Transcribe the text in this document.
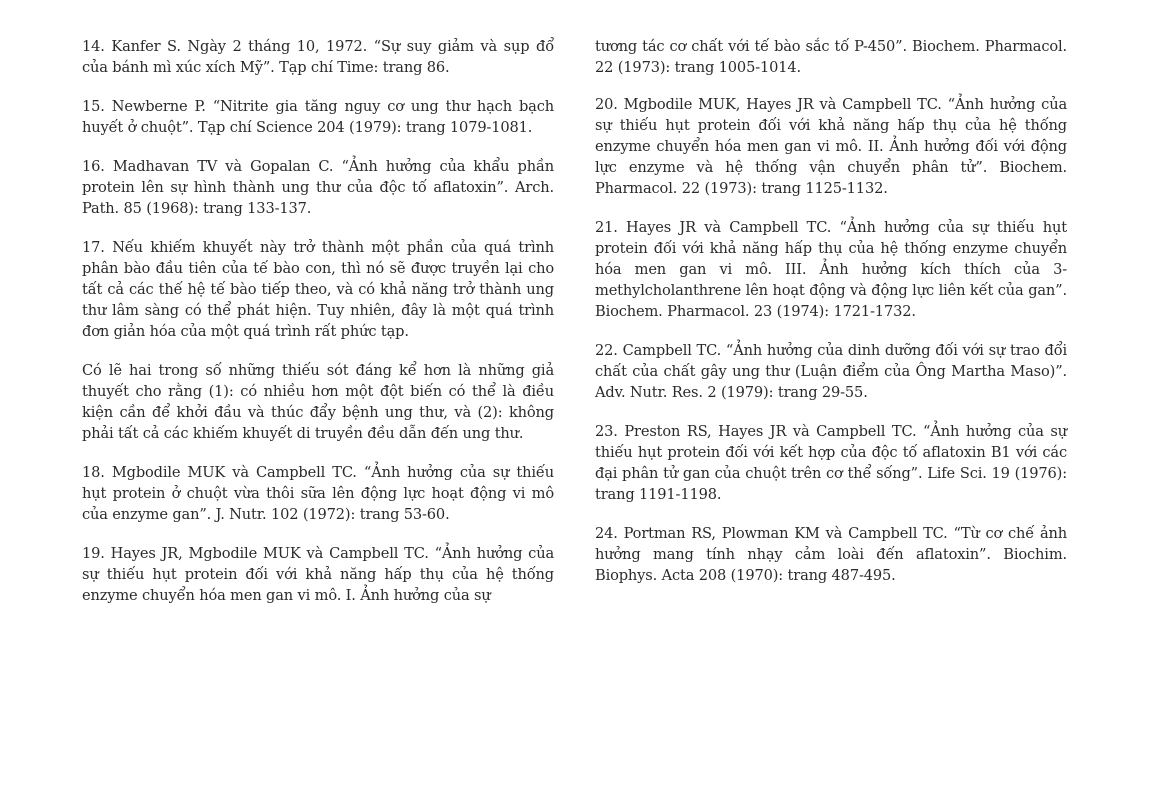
14. Kanfer S. Ngày 2 tháng 10, 1972. “Sự suy giảm và sụp đổ của bánh mì xúc xích Mỹ”. Tạp chí Time: trang 86.

15. Newberne P. “Nitrite gia tăng nguy cơ ung thư hạch bạch huyết ở chuột”. Tạp chí Science 204 (1979): trang 1079-1081.

16. Madhavan TV và Gopalan C. “Ảnh hưởng của khẩu phần protein lên sự hình thành ung thư của độc tố aflatoxin”. Arch. Path. 85 (1968): trang 133-137.

17. Nếu khiếm khuyết này trở thành một phần của quá trình phân bào đầu tiên của tế bào con, thì nó sẽ được truyền lại cho tất cả các thế hệ tế bào tiếp theo, và có khả năng trở thành ung thư lâm sàng có thể phát hiện. Tuy nhiên, đây là một quá trình đơn giản hóa của một quá trình rất phức tạp.

Có lẽ hai trong số những thiếu sót đáng kể hơn là những giả thuyết cho rằng (1): có nhiều hơn một đột biến có thể là điều kiện cần để khởi đầu và thúc đẩy bệnh ung thư, và (2): không phải tất cả các khiếm khuyết di truyền đều dẫn đến ung thư.

18. Mgbodile MUK và Campbell TC. “Ảnh hưởng của sự thiếu hụt protein ở chuột vừa thôi sữa lên động lực hoạt động vi mô của enzyme gan”. J. Nutr. 102 (1972): trang 53-60.

19. Hayes JR, Mgbodile MUK và Campbell TC. “Ảnh hưởng của sự thiếu hụt protein đối với khả năng hấp thụ của hệ thống enzyme chuyển hóa men gan vi mô. I. Ảnh hưởng của sự

tương tác cơ chất với tế bào sắc tố P-450”. Biochem. Pharmacol. 22 (1973): trang 1005-1014.

20. Mgbodile MUK, Hayes JR và Campbell TC. “Ảnh hưởng của sự thiếu hụt protein đối với khả năng hấp thụ của hệ thống enzyme chuyển hóa men gan vi mô. II. Ảnh hưởng đối với động lực enzyme và hệ thống vận chuyển phân tử”. Biochem. Pharmacol. 22 (1973): trang 1125-1132.

21. Hayes JR và Campbell TC. “Ảnh hưởng của sự thiếu hụt protein đối với khả năng hấp thụ của hệ thống enzyme chuyển hóa men gan vi mô. III. Ảnh hưởng kích thích của 3-methylcholanthrene lên hoạt động và động lực liên kết của gan”. Biochem. Pharmacol. 23 (1974): 1721-1732.

22. Campbell TC. “Ảnh hưởng của dinh dưỡng đối với sự trao đổi chất của chất gây ung thư (Luận điểm của Ông Martha Maso)”. Adv. Nutr. Res. 2 (1979): trang 29-55.

23. Preston RS, Hayes JR và Campbell TC. “Ảnh hưởng của sự thiếu hụt protein đối với kết hợp của độc tố aflatoxin B1 với các đại phân tử gan của chuột trên cơ thể sống”. Life Sci. 19 (1976): trang 1191-1198.

24. Portman RS, Plowman KM và Campbell TC. “Từ cơ chế ảnh hưởng mang tính nhạy cảm loài đến aflatoxin”. Biochim. Biophys. Acta 208 (1970): trang 487-495.
